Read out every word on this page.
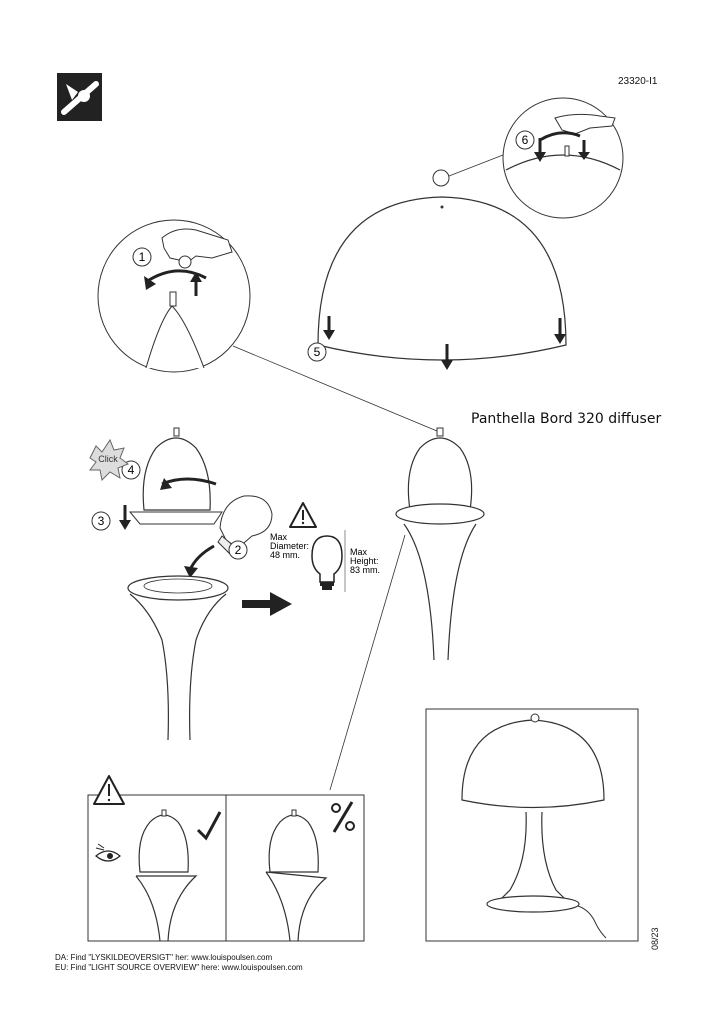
23320-I1
Panthella Bord 320 diffuser
6
5
1
4
Click
3
2
Max
Diameter:
48 mm.	Max
Height:
83 mm.
DA: Find "LYSKILDEOVERSIGT" her: www.louispoulsen.com
EU: Find "LIGHT SOURCE OVERVIEW" here: www.louispoulsen.com
08/23
